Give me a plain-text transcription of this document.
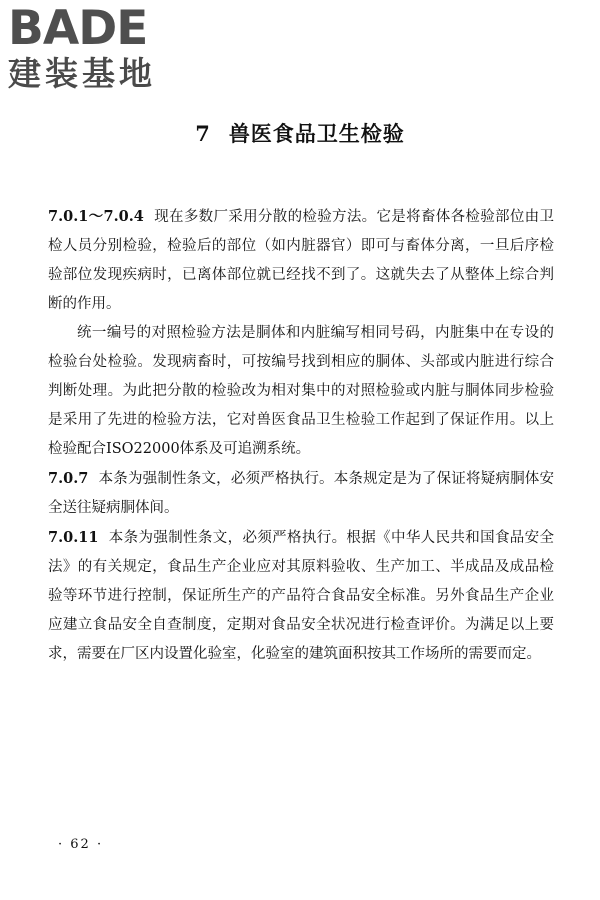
BADE
建装基地
7 兽医食品卫生检验

7.0.1～7.0.4 现在多数厂采用分散的检验方法。它是将畜体各检验部位由卫检人员分别检验，检验后的部位（如内脏器官）即可与畜体分离，一旦后序检验部位发现疾病时，已离体部位就已经找不到了。这就失去了从整体上综合判断的作用。

统一编号的对照检验方法是胴体和内脏编写相同号码，内脏集中在专设的检验台处检验。发现病畜时，可按编号找到相应的胴体、头部或内脏进行综合判断处理。为此把分散的检验改为相对集中的对照检验或内脏与胴体同步检验是采用了先进的检验方法，它对兽医食品卫生检验工作起到了保证作用。以上检验配合ISO22000体系及可追溯系统。

7.0.7 本条为强制性条文，必须严格执行。本条规定是为了保证将疑病胴体安全送往疑病胴体间。

7.0.11 本条为强制性条文，必须严格执行。根据《中华人民共和国食品安全法》的有关规定，食品生产企业应对其原料验收、生产加工、半成品及成品检验等环节进行控制，保证所生产的产品符合食品安全标准。另外食品生产企业应建立食品安全自查制度，定期对食品安全状况进行检查评价。为满足以上要求，需要在厂区内设置化验室，化验室的建筑面积按其工作场所的需要而定。

· 62 ·
